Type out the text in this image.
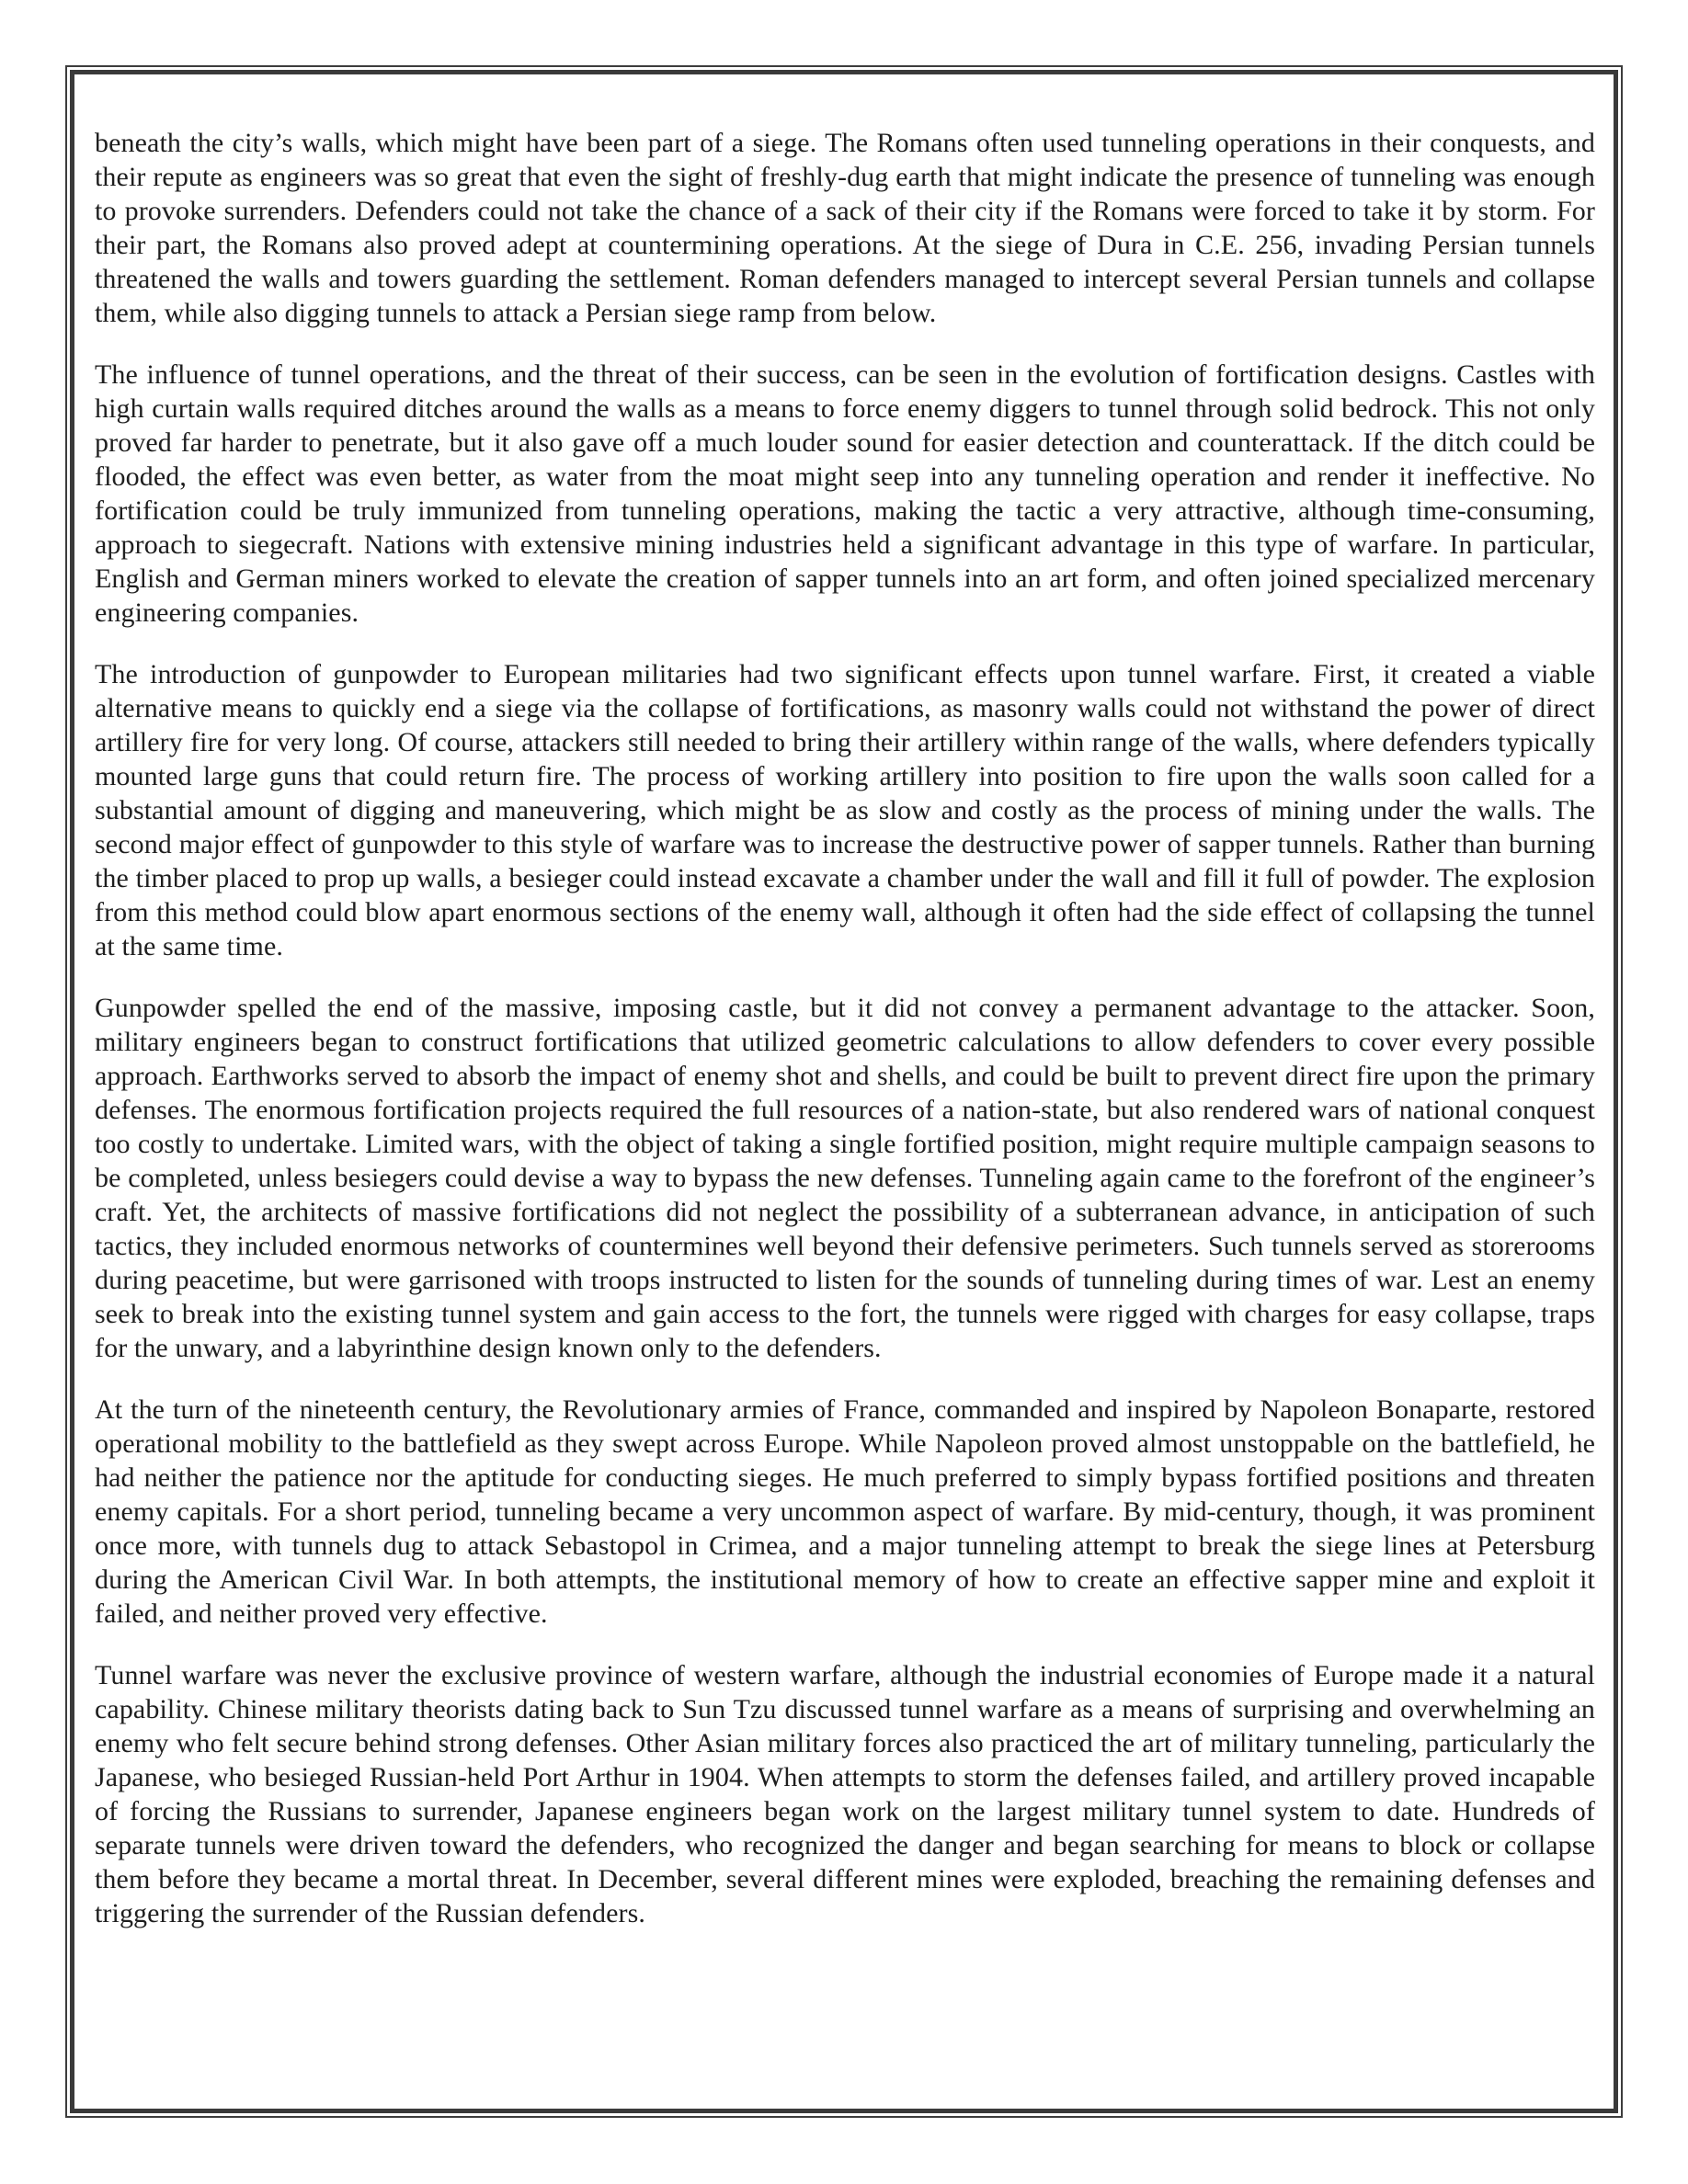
beneath the city’s walls, which might have been part of a siege. The Romans often used tunneling operations in their conquests, and their repute as engineers was so great that even the sight of freshly-dug earth that might indicate the presence of tunneling was enough to provoke surrenders. Defenders could not take the chance of a sack of their city if the Romans were forced to take it by storm. For their part, the Romans also proved adept at countermining operations. At the siege of Dura in C.E. 256, invading Persian tunnels threatened the walls and towers guarding the settlement. Roman defenders managed to intercept several Persian tunnels and collapse them, while also digging tunnels to attack a Persian siege ramp from below.

The influence of tunnel operations, and the threat of their success, can be seen in the evolution of fortification designs. Castles with high curtain walls required ditches around the walls as a means to force enemy diggers to tunnel through solid bedrock. This not only proved far harder to penetrate, but it also gave off a much louder sound for easier detection and counterattack. If the ditch could be flooded, the effect was even better, as water from the moat might seep into any tunneling operation and render it ineffective. No fortification could be truly immunized from tunneling operations, making the tactic a very attractive, although time-consuming, approach to siegecraft. Nations with extensive mining industries held a significant advantage in this type of warfare. In particular, English and German miners worked to elevate the creation of sapper tunnels into an art form, and often joined specialized mercenary engineering companies.

The introduction of gunpowder to European militaries had two significant effects upon tunnel warfare. First, it created a viable alternative means to quickly end a siege via the collapse of fortifications, as masonry walls could not withstand the power of direct artillery fire for very long. Of course, attackers still needed to bring their artillery within range of the walls, where defenders typically mounted large guns that could return fire. The process of working artillery into position to fire upon the walls soon called for a substantial amount of digging and maneuvering, which might be as slow and costly as the process of mining under the walls. The second major effect of gunpowder to this style of warfare was to increase the destructive power of sapper tunnels. Rather than burning the timber placed to prop up walls, a besieger could instead excavate a chamber under the wall and fill it full of powder. The explosion from this method could blow apart enormous sections of the enemy wall, although it often had the side effect of collapsing the tunnel at the same time.

Gunpowder spelled the end of the massive, imposing castle, but it did not convey a permanent advantage to the attacker. Soon, military engineers began to construct fortifications that utilized geometric calculations to allow defenders to cover every possible approach. Earthworks served to absorb the impact of enemy shot and shells, and could be built to prevent direct fire upon the primary defenses. The enormous fortification projects required the full resources of a nation-state, but also rendered wars of national conquest too costly to undertake. Limited wars, with the object of taking a single fortified position, might require multiple campaign seasons to be completed, unless besiegers could devise a way to bypass the new defenses. Tunneling again came to the forefront of the engineer’s craft. Yet, the architects of massive fortifications did not neglect the possibility of a subterranean advance, in anticipation of such tactics, they included enormous networks of countermines well beyond their defensive perimeters. Such tunnels served as storerooms during peacetime, but were garrisoned with troops instructed to listen for the sounds of tunneling during times of war. Lest an enemy seek to break into the existing tunnel system and gain access to the fort, the tunnels were rigged with charges for easy collapse, traps for the unwary, and a labyrinthine design known only to the defenders.

At the turn of the nineteenth century, the Revolutionary armies of France, commanded and inspired by Napoleon Bonaparte, restored operational mobility to the battlefield as they swept across Europe. While Napoleon proved almost unstoppable on the battlefield, he had neither the patience nor the aptitude for conducting sieges. He much preferred to simply bypass fortified positions and threaten enemy capitals. For a short period, tunneling became a very uncommon aspect of warfare. By mid-century, though, it was prominent once more, with tunnels dug to attack Sebastopol in Crimea, and a major tunneling attempt to break the siege lines at Petersburg during the American Civil War. In both attempts, the institutional memory of how to create an effective sapper mine and exploit it failed, and neither proved very effective.

Tunnel warfare was never the exclusive province of western warfare, although the industrial economies of Europe made it a natural capability. Chinese military theorists dating back to Sun Tzu discussed tunnel warfare as a means of surprising and overwhelming an enemy who felt secure behind strong defenses. Other Asian military forces also practiced the art of military tunneling, particularly the Japanese, who besieged Russian-held Port Arthur in 1904. When attempts to storm the defenses failed, and artillery proved incapable of forcing the Russians to surrender, Japanese engineers began work on the largest military tunnel system to date. Hundreds of separate tunnels were driven toward the defenders, who recognized the danger and began searching for means to block or collapse them before they became a mortal threat. In December, several different mines were exploded, breaching the remaining defenses and triggering the surrender of the Russian defenders.
